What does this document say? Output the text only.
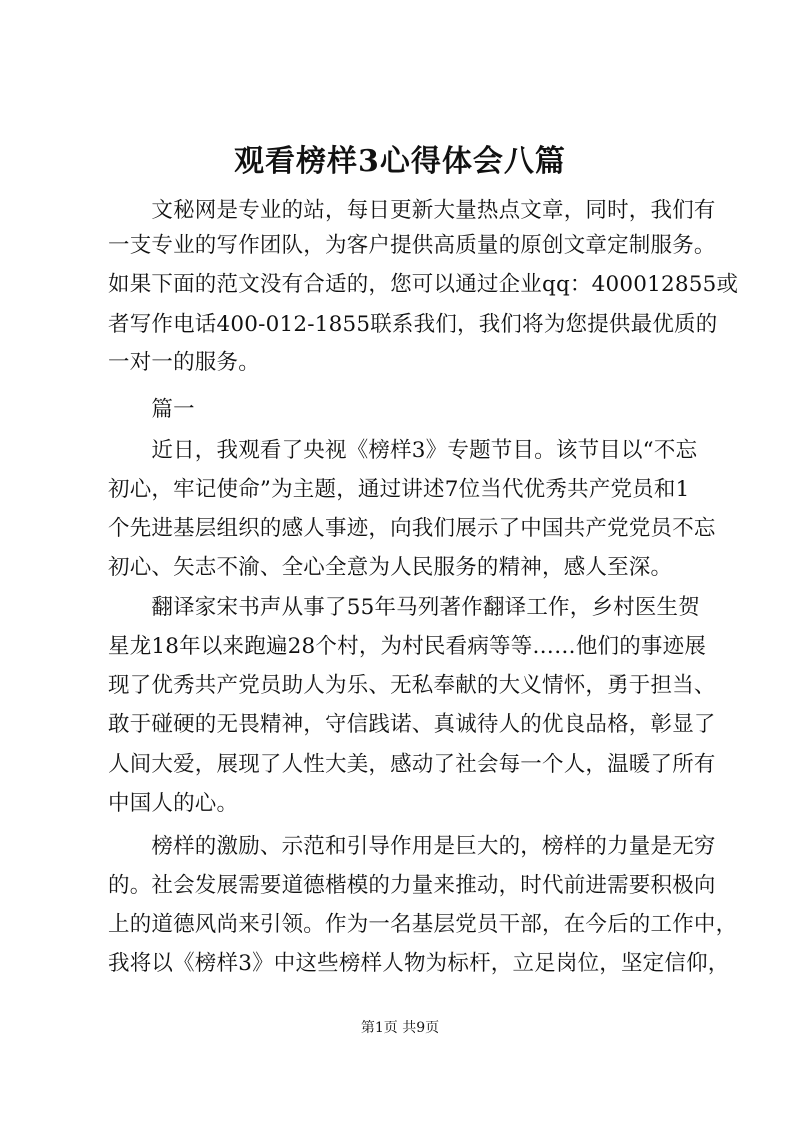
观看榜样3心得体会八篇
　　文秘网是专业的站，每日更新大量热点文章，同时，我们有
一支专业的写作团队，为客户提供高质量的原创文章定制服务。
如果下面的范文没有合适的，您可以通过企业qq：400012855或
者写作电话400-012-1855联系我们，我们将为您提供最优质的
一对一的服务。
　　篇一
　　近日，我观看了央视《榜样3》专题节目。该节目以“不忘
初心，牢记使命”为主题，通过讲述7位当代优秀共产党员和1
个先进基层组织的感人事迹，向我们展示了中国共产党党员不忘
初心、矢志不渝、全心全意为人民服务的精神，感人至深。
　　翻译家宋书声从事了55年马列著作翻译工作，乡村医生贺
星龙18年以来跑遍28个村，为村民看病等等……他们的事迹展
现了优秀共产党员助人为乐、无私奉献的大义情怀，勇于担当、
敢于碰硬的无畏精神，守信践诺、真诚待人的优良品格，彰显了
人间大爱，展现了人性大美，感动了社会每一个人，温暖了所有
中国人的心。
　　榜样的激励、示范和引导作用是巨大的，榜样的力量是无穷
的。社会发展需要道德楷模的力量来推动，时代前进需要积极向
上的道德风尚来引领。作为一名基层党员干部，在今后的工作中，
我将以《榜样3》中这些榜样人物为标杆，立足岗位，坚定信仰，
第1页 共9页
